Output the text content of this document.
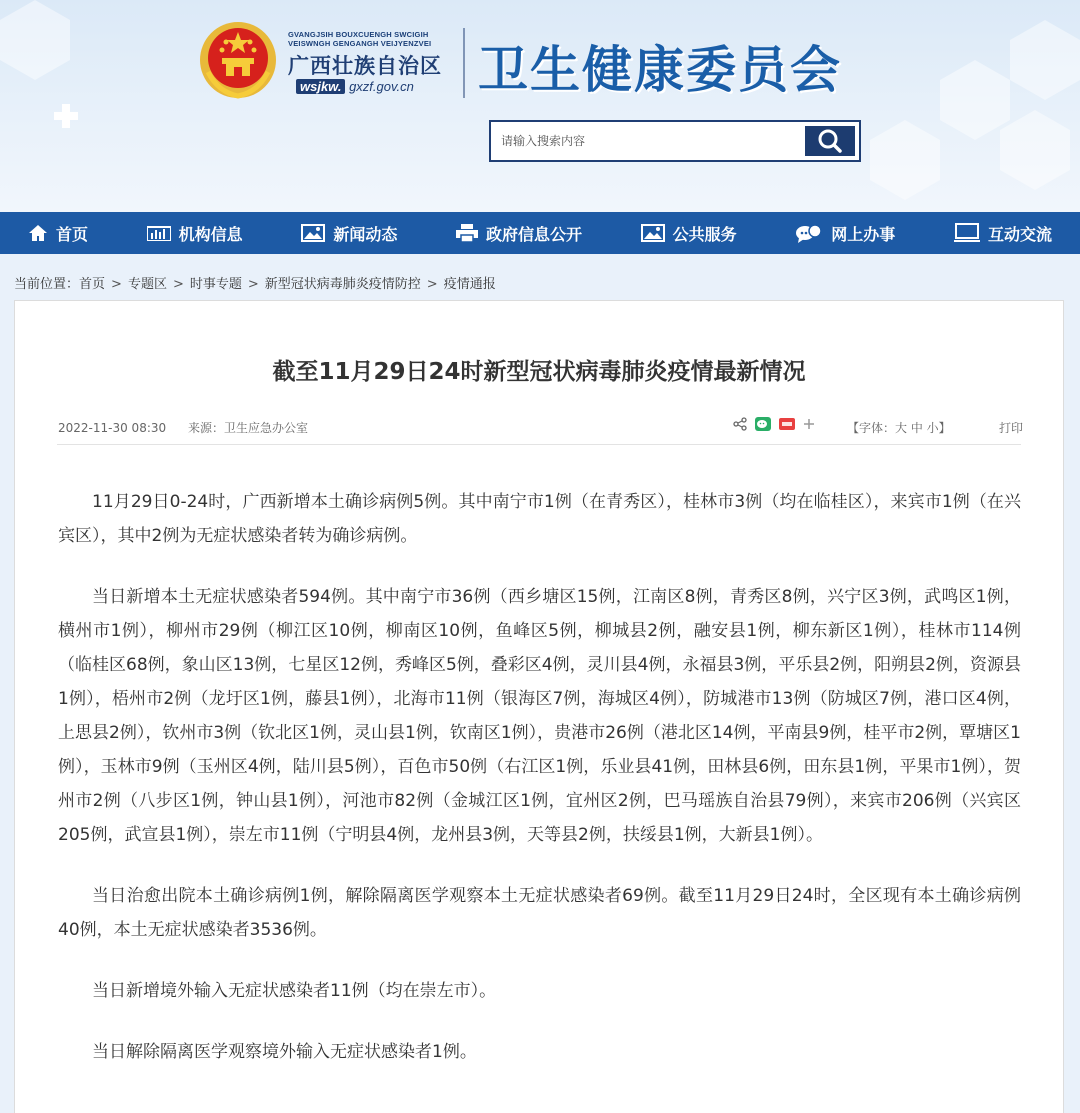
GVANGJSIH BOUXCUENGH SWCIGIH
VEISWNGH GENGANGH VEIJYENZVEI
广西壮族自治区
wsjkw. gxzf.gov.cn 卫生健康委员会
请输入搜索内容
首页	机构信息	新闻动态	政府信息公开	公共服务	网上办事	互动交流
当前位置：首页 > 专题区 > 时事专题 > 新型冠状病毒肺炎疫情防控 > 疫情通报
截至11月29日24时新型冠状病毒肺炎疫情最新情况
2022-11-30 08:30 来源：卫生应急办公室	【字体：大 中 小】	打印

11月29日0-24时，广西新增本土确诊病例5例。其中南宁市1例（在青秀区），桂林市3例（均在临桂区），来宾市1例（在兴宾区），其中2例为无症状感染者转为确诊病例。

当日新增本土无症状感染者594例。其中南宁市36例（西乡塘区15例，江南区8例，青秀区8例，兴宁区3例，武鸣区1例，横州市1例），柳州市29例（柳江区10例，柳南区10例，鱼峰区5例，柳城县2例，融安县1例，柳东新区1例），桂林市114例（临桂区68例，象山区13例，七星区12例，秀峰区5例，叠彩区4例，灵川县4例，永福县3例，平乐县2例，阳朔县2例，资源县1例），梧州市2例（龙圩区1例，藤县1例），北海市11例（银海区7例，海城区4例），防城港市13例（防城区7例，港口区4例，上思县2例），钦州市3例（钦北区1例，灵山县1例，钦南区1例），贵港市26例（港北区14例，平南县9例，桂平市2例，覃塘区1例），玉林市9例（玉州区4例，陆川县5例），百色市50例（右江区1例，乐业县41例，田林县6例，田东县1例，平果市1例），贺州市2例（八步区1例，钟山县1例），河池市82例（金城江区1例，宜州区2例，巴马瑶族自治县79例），来宾市206例（兴宾区205例，武宣县1例），崇左市11例（宁明县4例，龙州县3例，天等县2例，扶绥县1例，大新县1例）。

当日治愈出院本土确诊病例1例，解除隔离医学观察本土无症状感染者69例。截至11月29日24时，全区现有本土确诊病例40例，本土无症状感染者3536例。

当日新增境外输入无症状感染者11例（均在崇左市）。

当日解除隔离医学观察境外输入无症状感染者1例。
